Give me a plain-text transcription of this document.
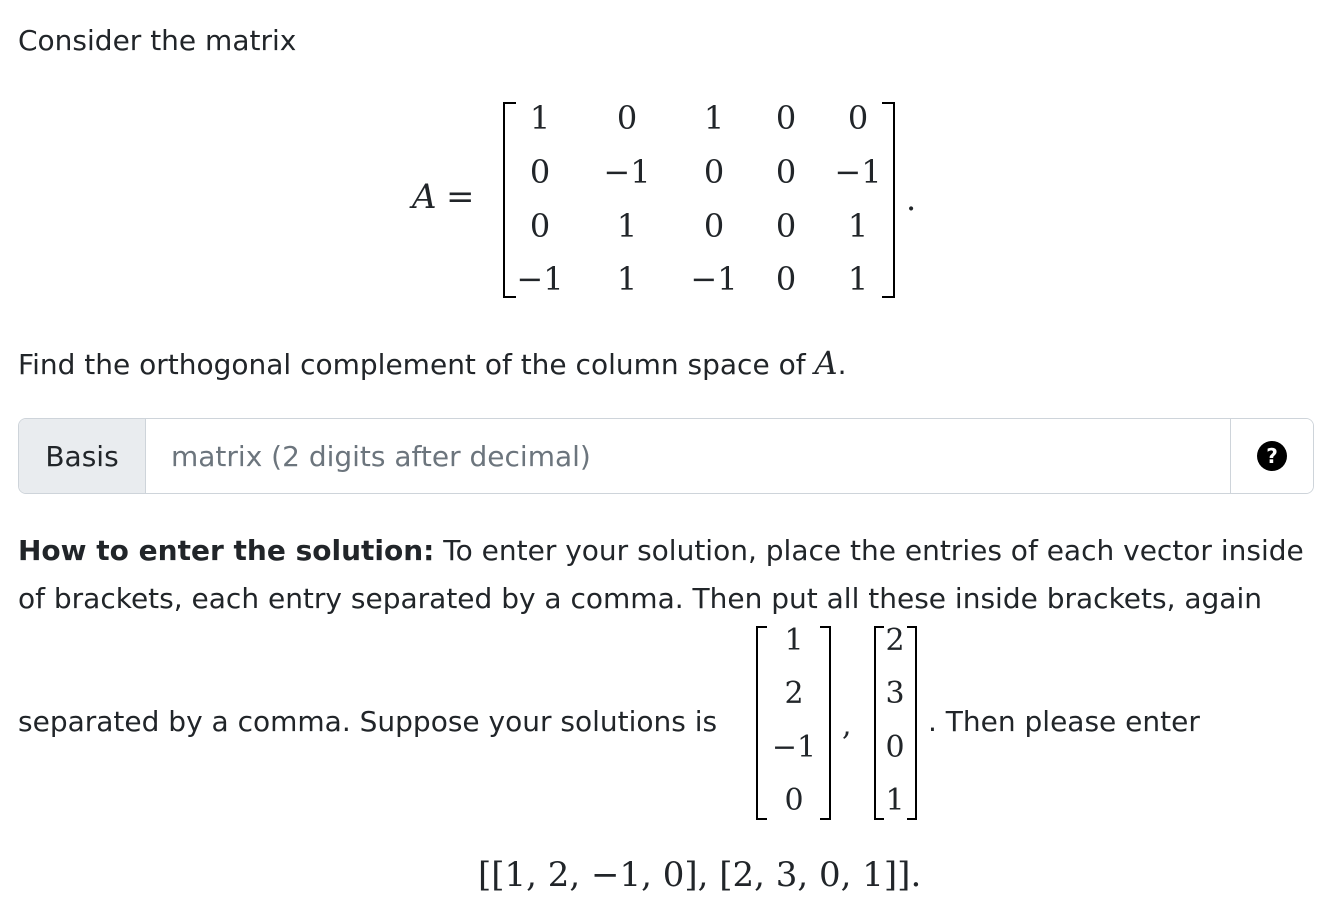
Consider the matrix

A =
1 0 1 0 0
0 −1 0 0 −1
0 1 0 0 1
−1 1 −1 0 1
.

Find the orthogonal complement of the column space of A.

Basis
matrix (2 digits after decimal)	?

How to enter the solution: To enter your solution, place the entries of each vector inside

of brackets, each entry separated by a comma. Then put all these inside brackets, again

separated by a comma. Suppose your solutions is

1
2
−1
0
,
2
3
0
1

. Then please enter

[[1, 2, −1, 0], [2, 3, 0, 1]].
